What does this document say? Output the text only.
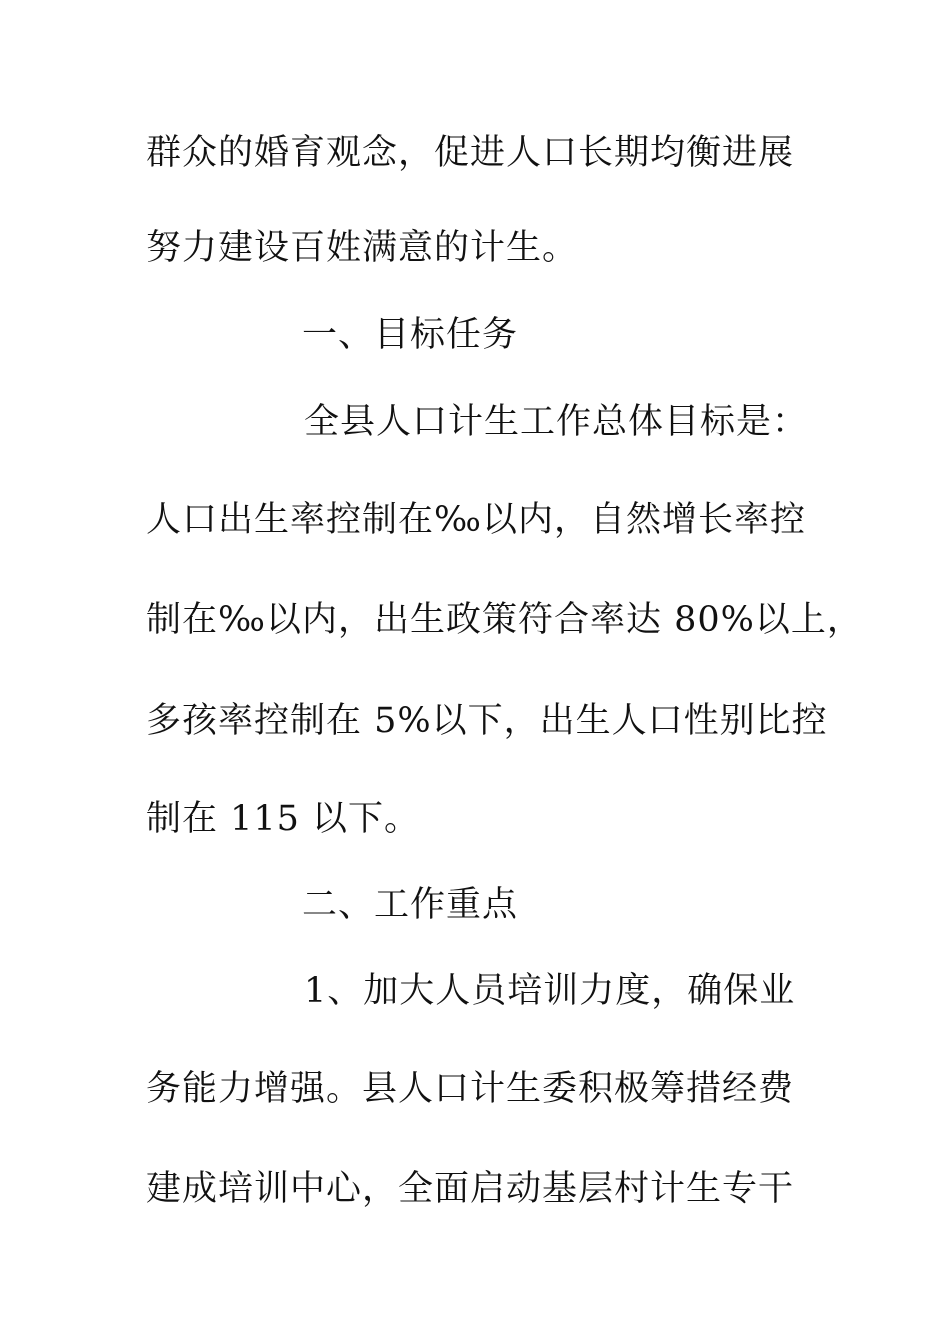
群众的婚育观念，促进人口长期均衡进展

努力建设百姓满意的计生。

一、目标任务

全县人口计生工作总体目标是：

人口出生率控制在‰以内，自然增长率控

制在‰以内，出生政策符合率达 80%以上，

多孩率控制在 5%以下，出生人口性别比控

制在 115 以下。

二、工作重点

1、加大人员培训力度，确保业

务能力增强。县人口计生委积极筹措经费

建成培训中心，全面启动基层村计生专干
